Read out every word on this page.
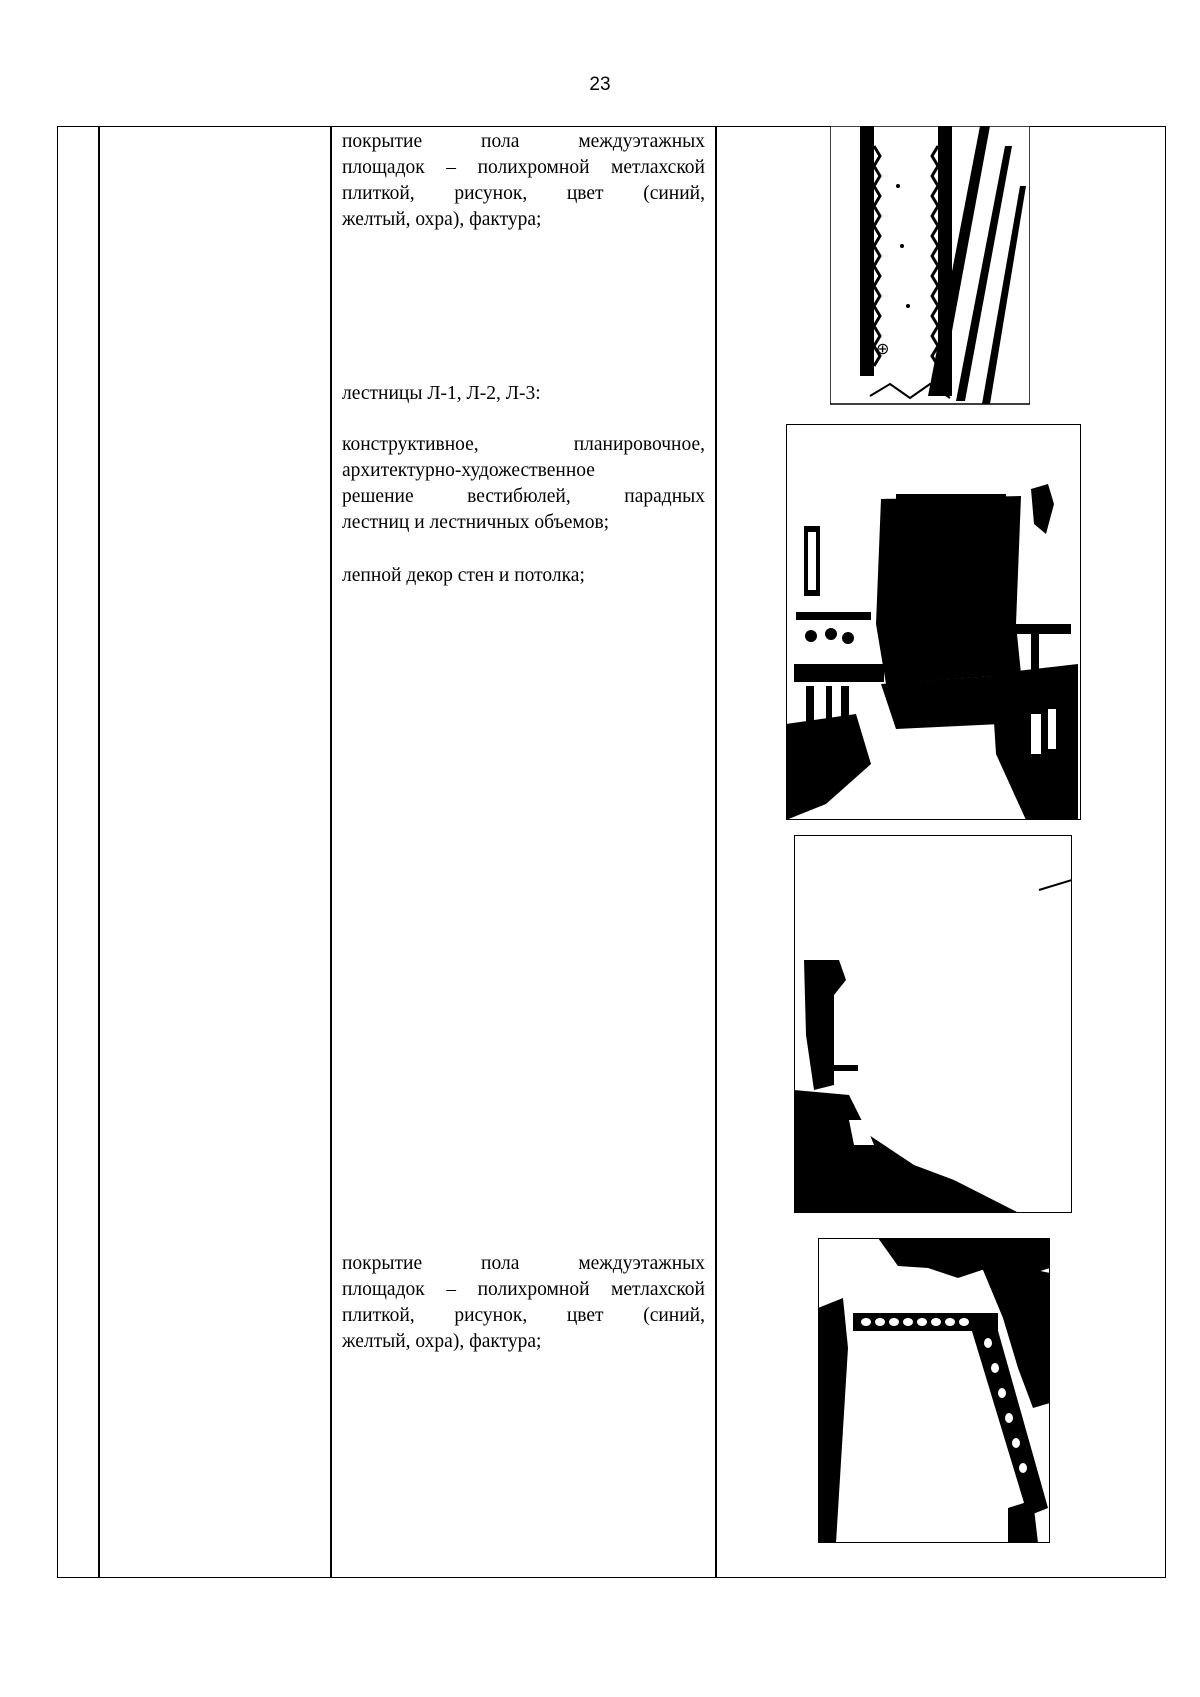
23
покрытие пола междуэтажных
площадок – полихромной метлахской
плиткой, рисунок, цвет (синий,
желтый, охра), фактура;
лестницы Л-1, Л-2, Л-3:
конструктивное, планировочное,
архитектурно-художественное
решение вестибюлей, парадных
лестниц и лестничных объемов;
лепной декор стен и потолка;
покрытие пола междуэтажных
площадок – полихромной метлахской
плиткой, рисунок, цвет (синий,
желтый, охра), фактура;
⊕
